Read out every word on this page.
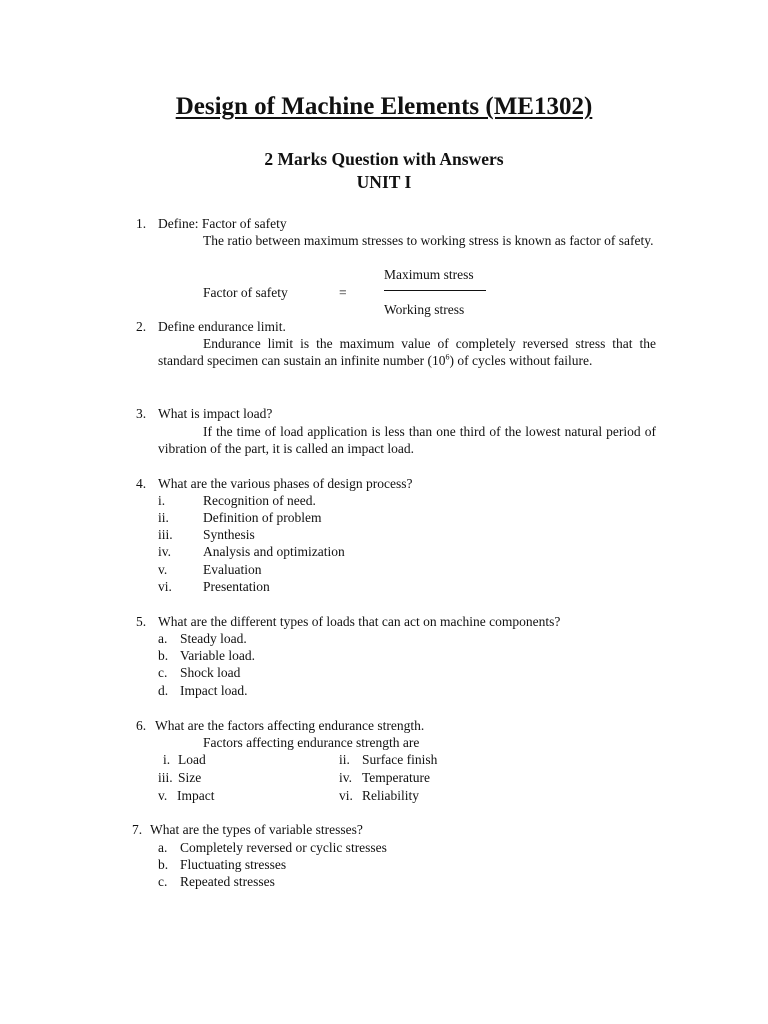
Design of Machine Elements (ME1302)
2 Marks Question with Answers
UNIT I
1. Define: Factor of safety
The ratio between maximum stresses to working stress is known as factor of safety.
Maximum stress
Factor of safety	=
Working stress
2. Define endurance limit.
Endurance limit is the maximum value of completely reversed stress that the standard specimen can sustain an infinite number $(10^6)$ of cycles without failure.
3. What is impact load?
If the time of load application is less than one third of the lowest natural period of vibration of the part, it is called an impact load.
4. What are the various phases of design process?
i.	Recognition of need.
ii.	Definition of problem
iii. Synthesis
iv. Analysis and optimization
v.	Evaluation
vi. Presentation
5. What are the different types of loads that can act on machine components?
a. Steady load.
b. Variable load.
c. Shock load
d. Impact load.
6. What are the factors affecting endurance strength.
Factors affecting endurance strength are
i. Load	ii. Surface finish
iii. Size	iv. Temperature
v. Impact	vi. Reliability
7. What are the types of variable stresses?
a. Completely reversed or cyclic stresses
b. Fluctuating stresses
c. Repeated stresses
